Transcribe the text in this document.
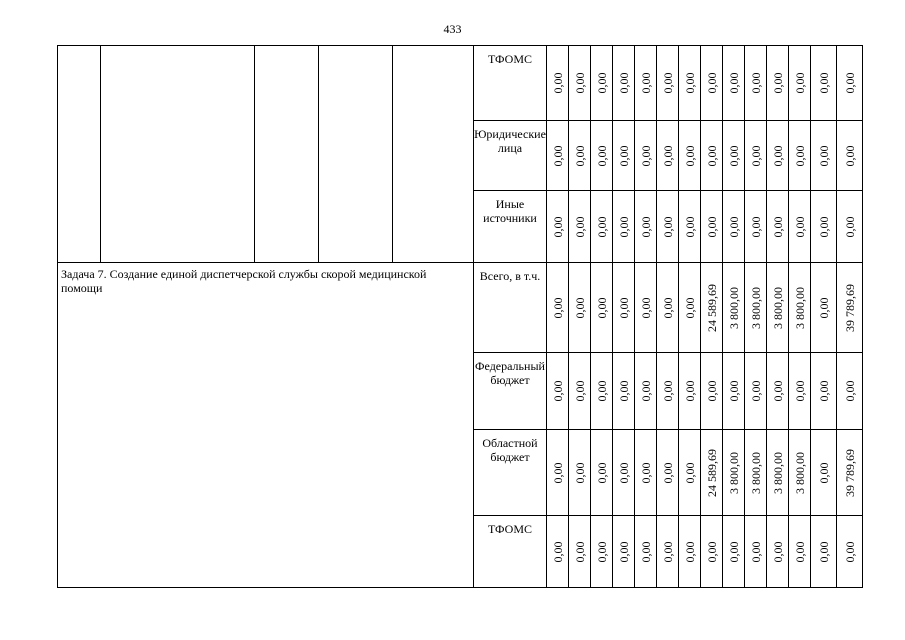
433
					ТФОМС	0,00	0,00	0,00	0,00	0,00	0,00	0,00	0,00	0,00	0,00	0,00	0,00	0,00	0,00

					Юридические лица	0,00	0,00	0,00	0,00	0,00	0,00	0,00	0,00	0,00	0,00	0,00	0,00	0,00	0,00

					Иные источники	0,00	0,00	0,00	0,00	0,00	0,00	0,00	0,00	0,00	0,00	0,00	0,00	0,00	0,00

Задача 7. Создание единой диспетчерской службы скорой медицинской помощи					Всего, в т.ч.	0,00	0,00	0,00	0,00	0,00	0,00	0,00	24 589,69	3 800,00	3 800,00	3 800,00	3 800,00	0,00	39 789,69

					Федеральный бюджет	0,00	0,00	0,00	0,00	0,00	0,00	0,00	0,00	0,00	0,00	0,00	0,00	0,00	0,00

					Областной бюджет	0,00	0,00	0,00	0,00	0,00	0,00	0,00	24 589,69	3 800,00	3 800,00	3 800,00	3 800,00	0,00	39 789,69

					ТФОМС	0,00	0,00	0,00	0,00	0,00	0,00	0,00	0,00	0,00	0,00	0,00	0,00	0,00	0,00
